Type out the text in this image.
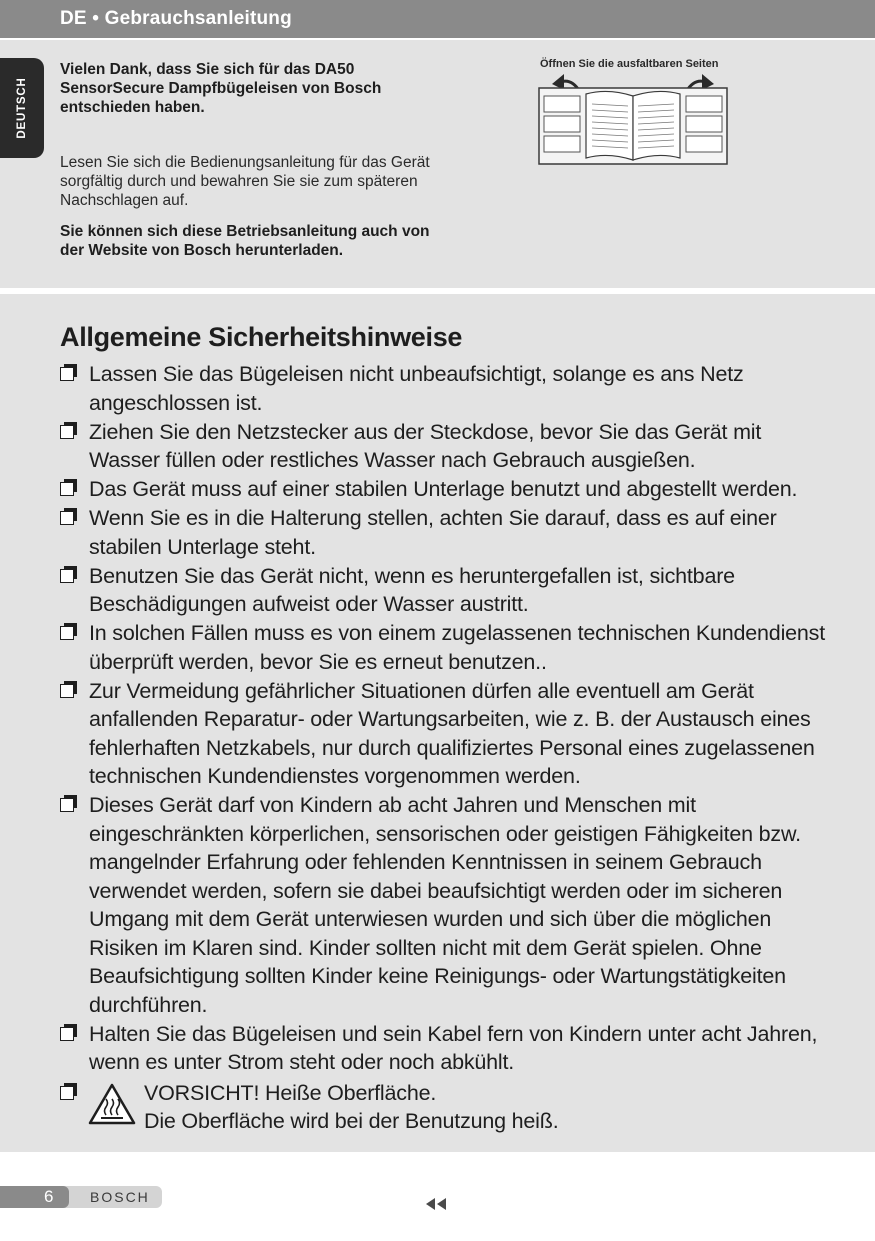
DE • Gebrauchsanleitung
DEUTSCH

Vielen Dank, dass Sie sich für das DA50 SensorSecure Dampfbügeleisen von Bosch entschieden haben.

Lesen Sie sich die Bedienungsanleitung für das Gerät sorgfältig durch und bewahren Sie sie zum späteren Nachschlagen auf.

Sie können sich diese Betriebsanleitung auch von der Website von Bosch herunterladen.

Öffnen Sie die ausfaltbaren Seiten
Allgemeine Sicherheitshinweise
Lassen Sie das Bügeleisen nicht unbeaufsichtigt, solange es ans Netz angeschlossen ist.
Ziehen Sie den Netzstecker aus der Steckdose, bevor Sie das Gerät mit Wasser füllen oder restliches Wasser nach Gebrauch ausgießen.
Das Gerät muss auf einer stabilen Unterlage benutzt und abgestellt werden.
Wenn Sie es in die Halterung stellen, achten Sie darauf, dass es auf einer stabilen Unterlage steht.
Benutzen Sie das Gerät nicht, wenn es heruntergefallen ist, sichtbare Beschädigungen aufweist oder Wasser austritt.
In solchen Fällen muss es von einem zugelassenen technischen Kundendienst überprüft werden, bevor Sie es erneut benutzen..
Zur Vermeidung gefährlicher Situationen dürfen alle eventuell am Gerät anfallenden Reparatur- oder Wartungsarbeiten, wie z. B. der Austausch eines fehlerhaften Netzkabels, nur durch qualifiziertes Personal eines zugelassenen technischen Kundendienstes vorgenommen werden.
Dieses Gerät darf von Kindern ab acht Jahren und Menschen mit eingeschränkten körperlichen, sensorischen oder geistigen Fähigkeiten bzw. mangelnder Erfahrung oder fehlenden Kenntnissen in seinem Gebrauch verwendet werden, sofern sie dabei beaufsichtigt werden oder im sicheren Umgang mit dem Gerät unterwiesen wurden und sich über die möglichen Risiken im Klaren sind. Kinder sollten nicht mit dem Gerät spielen. Ohne Beaufsichtigung sollten Kinder keine Reinigungs- oder Wartungstätigkeiten durchführen.
Halten Sie das Bügeleisen und sein Kabel fern von Kindern unter acht Jahren, wenn es unter Strom steht oder noch abkühlt.
VORSICHT! Heiße Oberfläche.
Die Oberfläche wird bei der Benutzung heiß.
6	BOSCH
